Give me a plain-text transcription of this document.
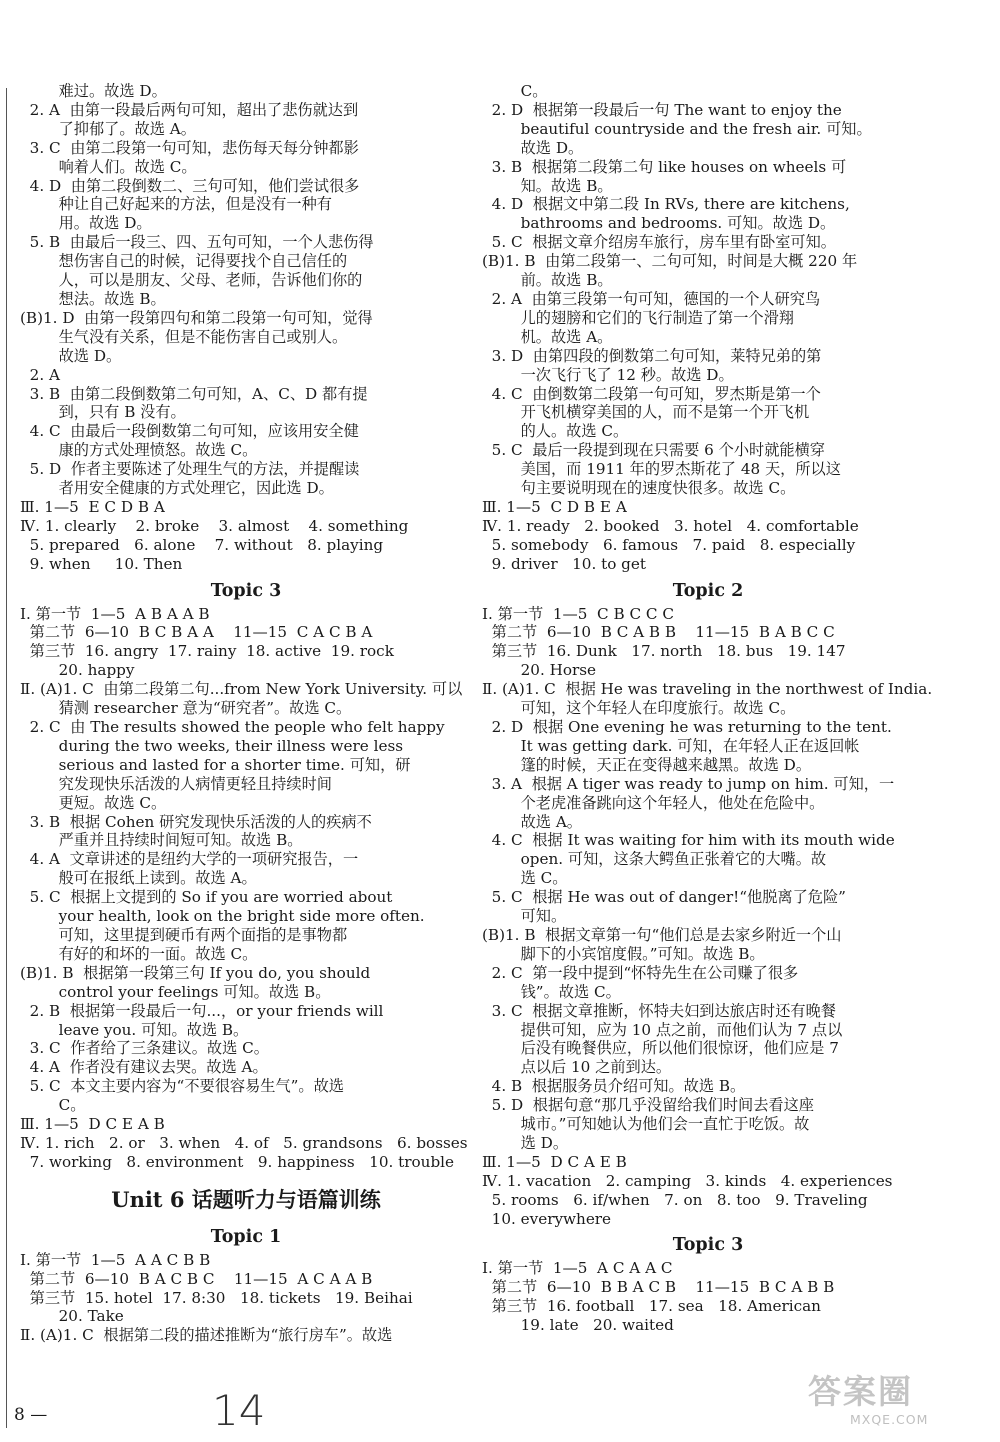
难过。故选 D。
2. A  由第一段最后两句可知，超出了悲伤就达到
了抑郁了。故选 A。
3. C  由第二段第一句可知，悲伤每天每分钟都影
响着人们。故选 C。
4. D  由第二段倒数二、三句可知，他们尝试很多
种让自己好起来的方法，但是没有一种有
用。故选 D。
5. B  由最后一段三、四、五句可知，一个人悲伤得
想伤害自己的时候，记得要找个自己信任的
人，可以是朋友、父母、老师，告诉他们你的
想法。故选 B。
(B)1. D  由第一段第四句和第二段第一句可知，觉得
生气没有关系，但是不能伤害自己或别人。
故选 D。
2. A
3. B  由第二段倒数第二句可知，A、C、D 都有提
到，只有 B 没有。
4. C  由最后一段倒数第二句可知，应该用安全健
康的方式处理愤怒。故选 C。
5. D  作者主要陈述了处理生气的方法，并提醒读
者用安全健康的方式处理它，因此选 D。
Ⅲ. 1—5  E C D B A
Ⅳ. 1. clearly    2. broke    3. almost    4. something
5. prepared   6. alone    7. without   8. playing
9. when     10. Then
Topic 3
Ⅰ. 第一节  1—5  A B A A B
第二节  6—10  B C B A A    11—15  C A C B A
第三节  16. angry  17. rainy  18. active  19. rock
20. happy
Ⅱ. (A)1. C  由第二段第二句...from New York University. 可以
猜测 researcher 意为“研究者”。故选 C。
2. C  由 The results showed the people who felt happy
during the two weeks, their illness were less
serious and lasted for a shorter time. 可知，研
究发现快乐活泼的人病情更轻且持续时间
更短。故选 C。
3. B  根据 Cohen 研究发现快乐活泼的人的疾病不
严重并且持续时间短可知。故选 B。
4. A  文章讲述的是纽约大学的一项研究报告，一
般可在报纸上读到。故选 A。
5. C  根据上文提到的 So if you are worried about
your health, look on the bright side more often.
可知，这里提到硬币有两个面指的是事物都
有好的和坏的一面。故选 C。
(B)1. B  根据第一段第三句 If you do, you should
control your feelings 可知。故选 B。
2. B  根据第一段最后一句...，or your friends will
leave you. 可知。故选 B。
3. C  作者给了三条建议。故选 C。
4. A  作者没有建议去哭。故选 A。
5. C  本文主要内容为“不要很容易生气”。故选
C。
Ⅲ. 1—5  D C E A B
Ⅳ. 1. rich   2. or   3. when   4. of   5. grandsons   6. bosses
7. working   8. environment   9. happiness   10. trouble
Unit 6 话题听力与语篇训练
Topic 1
Ⅰ. 第一节  1—5  A A C B B
第二节  6—10  B A C B C    11—15  A C A A B
第三节  15. hotel  17. 8:30   18. tickets   19. Beihai
20. Take
Ⅱ. (A)1. C  根据第二段的描述推断为“旅行房车”。故选
C。
2. D  根据第一段最后一句 The want to enjoy the
beautiful countryside and the fresh air. 可知。
故选 D。
3. B  根据第二段第二句 like houses on wheels 可
知。故选 B。
4. D  根据文中第二段 In RVs, there are kitchens,
bathrooms and bedrooms. 可知。故选 D。
5. C  根据文章介绍房车旅行，房车里有卧室可知。
(B)1. B  由第二段第一、二句可知，时间是大概 220 年
前。故选 B。
2. A  由第三段第一句可知，德国的一个人研究鸟
儿的翅膀和它们的飞行制造了第一个滑翔
机。故选 A。
3. D  由第四段的倒数第二句可知，莱特兄弟的第
一次飞行飞了 12 秒。故选 D。
4. C  由倒数第二段第一句可知，罗杰斯是第一个
开飞机横穿美国的人，而不是第一个开飞机
的人。故选 C。
5. C  最后一段提到现在只需要 6 个小时就能横穿
美国，而 1911 年的罗杰斯花了 48 天，所以这
句主要说明现在的速度快很多。故选 C。
Ⅲ. 1—5  C D B E A
Ⅳ. 1. ready   2. booked   3. hotel   4. comfortable
5. somebody   6. famous   7. paid   8. especially
9. driver   10. to get
Topic 2
Ⅰ. 第一节  1—5  C B C C C
第二节  6—10  B C A B B    11—15  B A B C C
第三节  16. Dunk   17. north   18. bus   19. 147
20. Horse
Ⅱ. (A)1. C  根据 He was traveling in the northwest of India.
可知，这个年轻人在印度旅行。故选 C。
2. D  根据 One evening he was returning to the tent.
It was getting dark. 可知，在年轻人正在返回帐
篷的时候，天正在变得越来越黑。故选 D。
3. A  根据 A tiger was ready to jump on him. 可知，一
个老虎准备跳向这个年轻人，他处在危险中。
故选 A。
4. C  根据 It was waiting for him with its mouth wide
open. 可知，这条大鳄鱼正张着它的大嘴。故
选 C。
5. C  根据 He was out of danger!“他脱离了危险”
可知。
(B)1. B  根据文章第一句“他们总是去家乡附近一个山
脚下的小宾馆度假。”可知。故选 B。
2. C  第一段中提到“怀特先生在公司赚了很多
钱”。故选 C。
3. C  根据文章推断，怀特夫妇到达旅店时还有晚餐
提供可知，应为 10 点之前，而他们认为 7 点以
后没有晚餐供应，所以他们很惊讶，他们应是 7
点以后 10 之前到达。
4. B  根据服务员介绍可知。故选 B。
5. D  根据句意“那几乎没留给我们时间去看这座
城市。”可知她认为他们会一直忙于吃饭。故
选 D。
Ⅲ. 1—5  D C A E B
Ⅳ. 1. vacation   2. camping   3. kinds   4. experiences
5. rooms   6. if/when   7. on   8. too   9. Traveling
10. everywhere
Topic 3
Ⅰ. 第一节  1—5  A C A A C
第二节  6—10  B B A C B    11—15  B C A B B
第三节  16. football   17. sea   18. American
19. late   20. waited
8 —	14	答案圈
MXQE.COM
